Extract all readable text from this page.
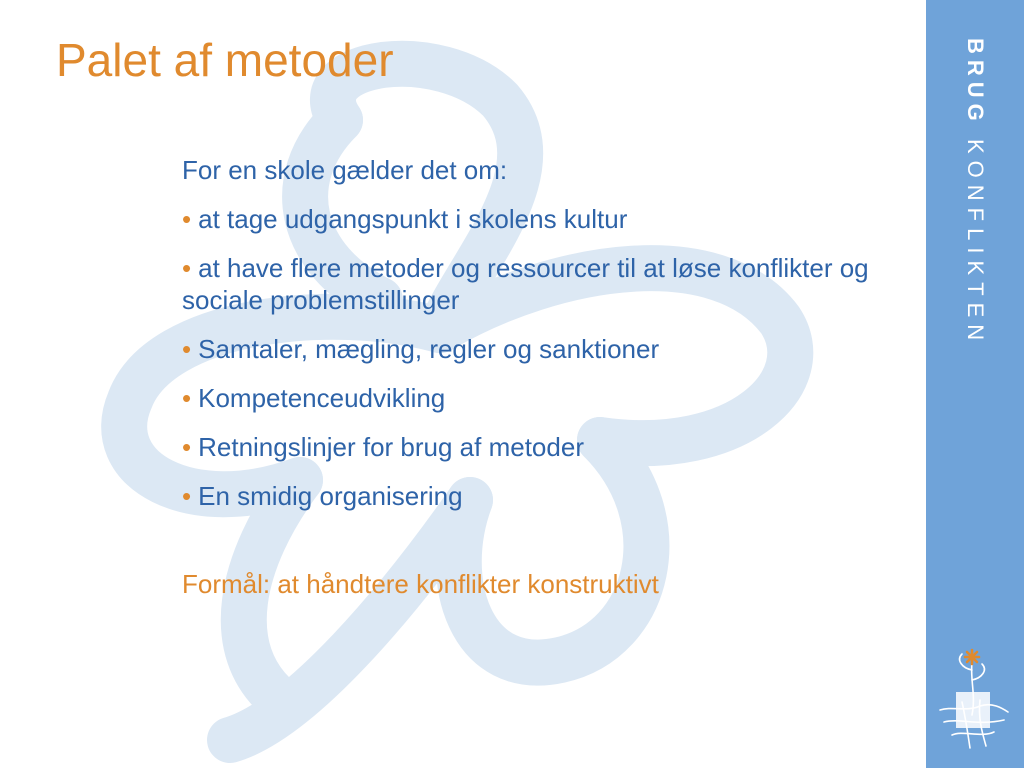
Palet af metoder

For en skole gælder det om:

• at tage udgangspunkt i skolens kultur
• at have flere metoder og ressourcer til at løse konflikter og sociale problemstillinger
• Samtaler, mægling, regler og sanktioner
• Kompetenceudvikling
• Retningslinjer for brug af metoder
• En smidig organisering

Formål: at håndtere konflikter konstruktivt

BRUGKONFLIKTEN
